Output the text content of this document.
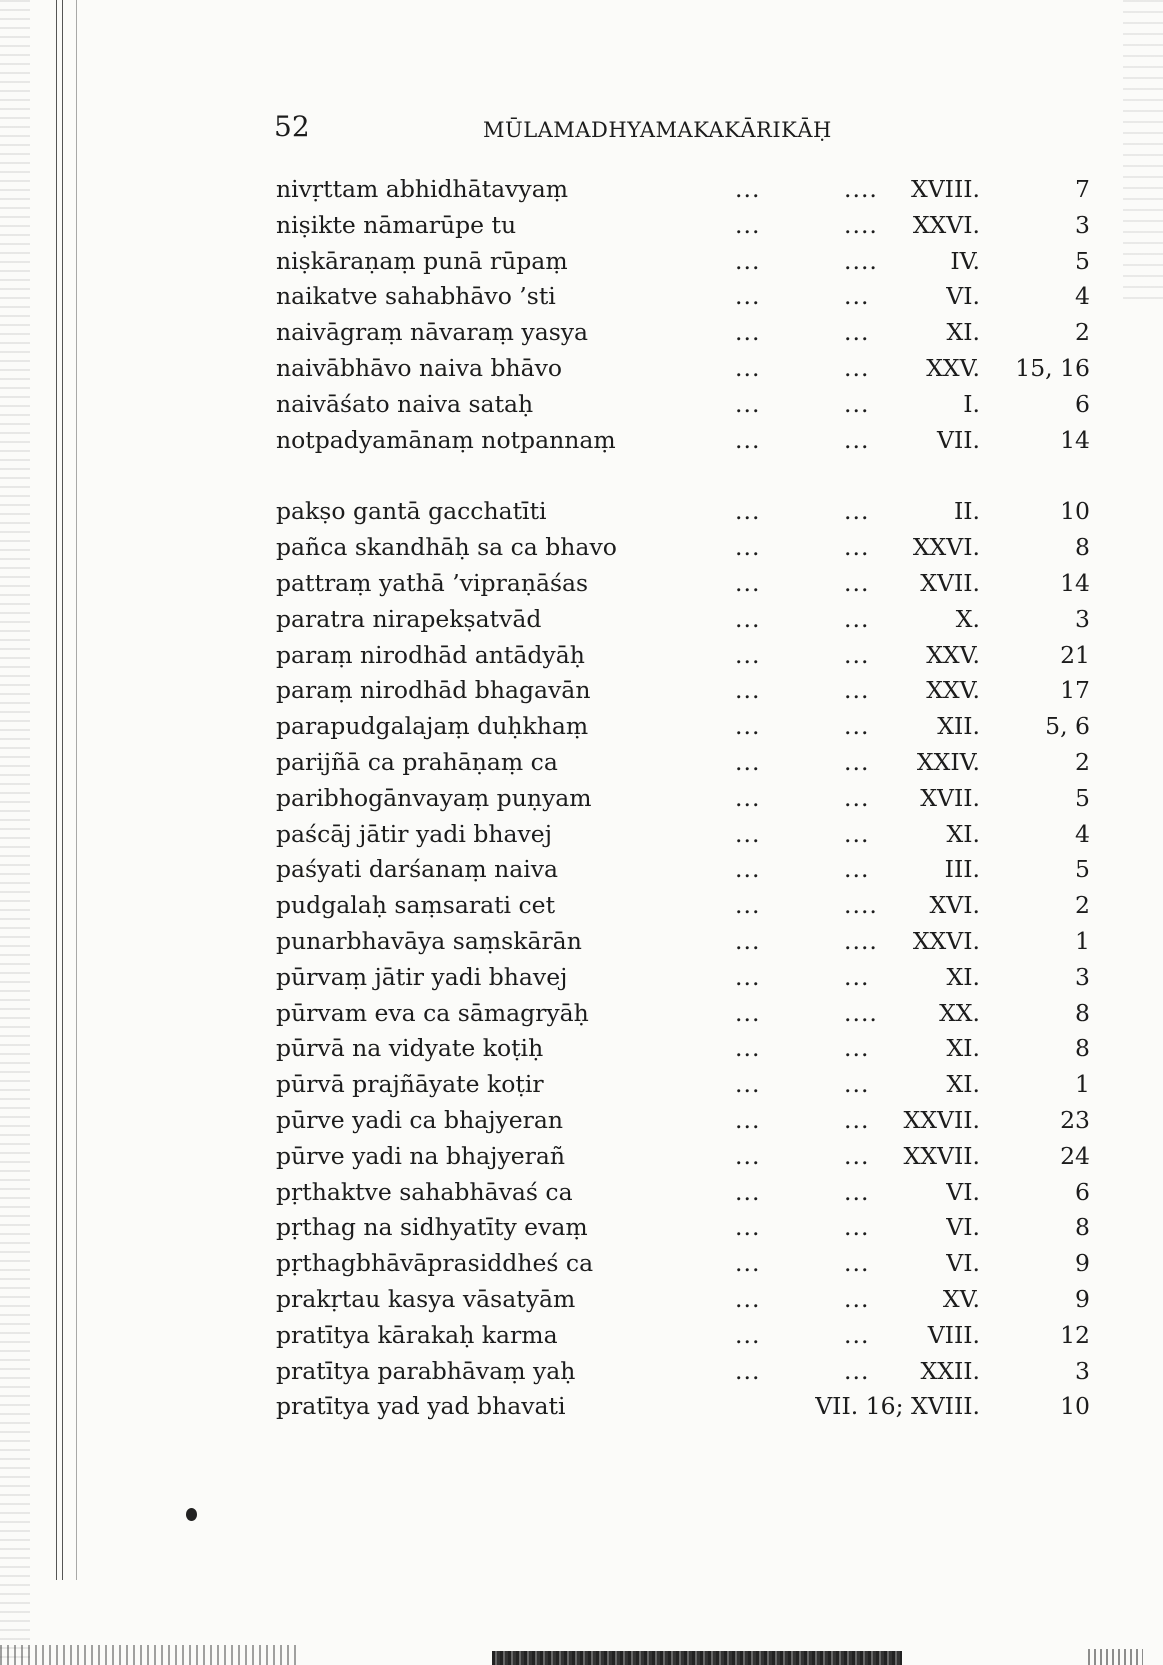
52	MŪLAMADHYAMAKAKĀRIKĀḤ
nivṛttam abhidhātavyaṃ	...	.... XVIII.	7
niṣikte nāmarūpe tu	...	.... XXVI.	3
niṣkāraṇaṃ punā rūpaṃ	...	....	IV.	5
naikatve sahabhāvo ’sti	...	...	VI.	4
naivāgraṃ nāvaraṃ yasya	...	...	XI.	2
naivābhāvo naiva bhāvo	...	... XXV.	15, 16
naivāśato naiva sataḥ	...	...	I.	6
notpadyamānaṃ notpannaṃ	...	...	VII.	14
pakṣo gantā gacchatīti	...	...	II.	10
pañca skandhāḥ sa ca bhavo	...	... XXVI.	8
pattraṃ yathā ’vipraṇāśas	...	... XVII.	14
paratra nirapekṣatvād	...	...	X.	3
paraṃ nirodhād antādyāḥ	...	... XXV.	21
paraṃ nirodhād bhagavān	...	... XXV.	17
parapudgalajaṃ duḥkhaṃ	...	...	XII.	5, 6
parijñā ca prahāṇaṃ ca	...	... XXIV.	2
paribhogānvayaṃ puṇyam	...	... XVII.	5
paścāj jātir yadi bhavej	...	...	XI.	4
paśyati darśanaṃ naiva	...	...	III.	5
pudgalaḥ saṃsarati cet	...	.... XVI.	2
punarbhavāya saṃskārān	...	.... XXVI.	1
pūrvaṃ jātir yadi bhavej	...	...	XI.	3
pūrvam eva ca sāmagryāḥ	...	....	XX.	8
pūrvā na vidyate koṭiḥ	...	...	XI.	8
pūrvā prajñāyate koṭir	...	...	XI.	1
pūrve yadi ca bhajyeran	...	... XXVII.	23
pūrve yadi na bhajyerañ	...	... XXVII.	24
pṛthaktve sahabhāvaś ca	...	...	VI.	6
pṛthag na sidhyatīty evaṃ	...	...	VI.	8
pṛthagbhāvāprasiddheś ca	...	...	VI.	9
prakṛtau kasya vāsatyām	...	...	XV.	9
pratītya kārakaḥ karma	...	... VIII.	12
pratītya parabhāvaṃ yaḥ	...	... XXII.	3
pratītya yad yad bhavati	VII. 16; XVIII.	10
